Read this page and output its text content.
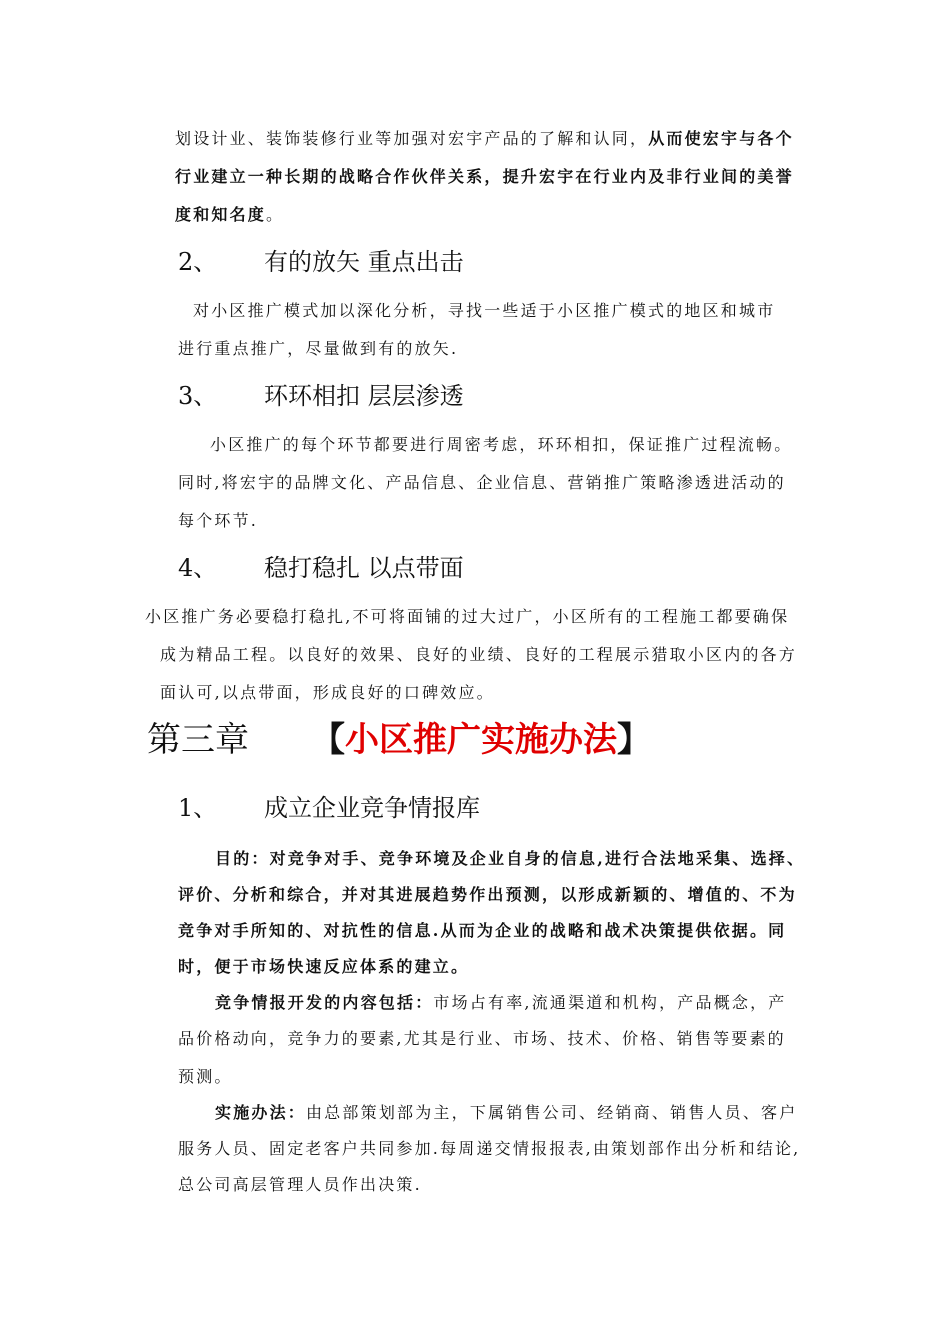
划设计业、装饰装修行业等加强对宏宇产品的了解和认同，从而使宏宇与各个
行业建立一种长期的战略合作伙伴关系，提升宏宇在行业内及非行业间的美誉
度和知名度。
2、 有的放矢 重点出击
对小区推广模式加以深化分析，寻找一些适于小区推广模式的地区和城市
进行重点推广，尽量做到有的放矢.
3、 环环相扣 层层渗透
小区推广的每个环节都要进行周密考虑，环环相扣，保证推广过程流畅。
同时,将宏宇的品牌文化、产品信息、企业信息、营销推广策略渗透进活动的
每个环节.
4、 稳打稳扎 以点带面
小区推广务必要稳打稳扎,不可将面铺的过大过广，小区所有的工程施工都要确保
成为精品工程。以良好的效果、良好的业绩、良好的工程展示猎取小区内的各方
面认可,以点带面，形成良好的口碑效应。
第三章 【小区推广实施办法】
1、 成立企业竞争情报库
目的：对竞争对手、竞争环境及企业自身的信息,进行合法地采集、选择、
评价、分析和综合，并对其进展趋势作出预测，以形成新颖的、增值的、不为
竞争对手所知的、对抗性的信息.从而为企业的战略和战术决策提供依据。同
时，便于市场快速反应体系的建立。
竞争情报开发的内容包括：市场占有率,流通渠道和机构，产品概念，产
品价格动向，竞争力的要素,尤其是行业、市场、技术、价格、销售等要素的
预测。
实施办法：由总部策划部为主，下属销售公司、经销商、销售人员、客户
服务人员、固定老客户共同参加.每周递交情报报表,由策划部作出分析和结论,
总公司高层管理人员作出决策.
